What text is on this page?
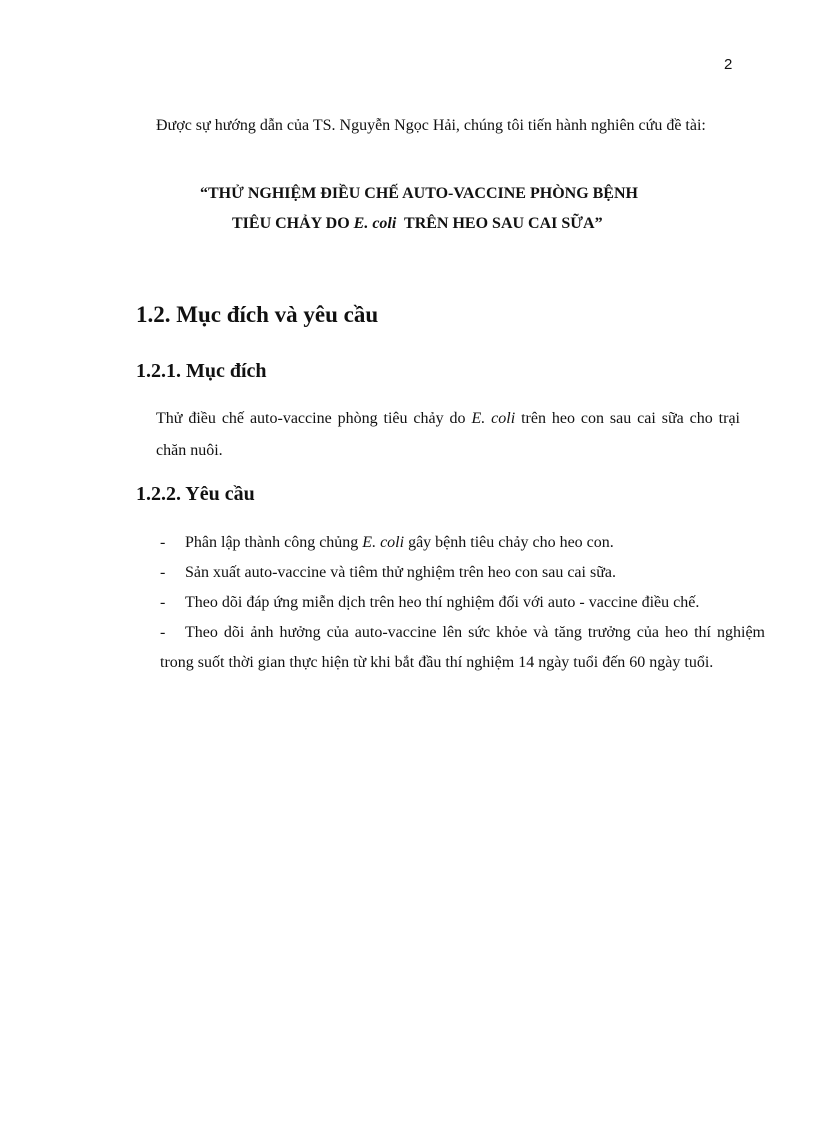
2
Được sự hướng dẫn của TS. Nguyễn Ngọc Hải, chúng tôi tiến hành nghiên cứu đề tài:
“THỬ NGHIỆM ĐIỀU CHẾ AUTO-VACCINE PHÒNG BỆNH
TIÊU CHẢY DO E. coli  TRÊN HEO SAU CAI SỮA”
1.2. Mục đích và yêu cầu
1.2.1. Mục đích
Thử điều chế auto-vaccine phòng tiêu chảy do E. coli trên heo con sau cai sữa cho trại chăn nuôi.
1.2.2. Yêu cầu
-	Phân lập thành công chủng E. coli gây bệnh tiêu chảy cho heo con.
-	Sản xuất auto-vaccine và tiêm thử nghiệm trên heo con sau cai sữa.
-	Theo dõi đáp ứng miễn dịch trên heo thí nghiệm đối với auto - vaccine điều chế.
-	Theo dõi ảnh hưởng của auto-vaccine lên sức khỏe và tăng trưởng của heo thí nghiệm trong suốt thời gian thực hiện từ khi bắt đầu thí nghiệm 14 ngày tuổi đến 60 ngày tuổi.
